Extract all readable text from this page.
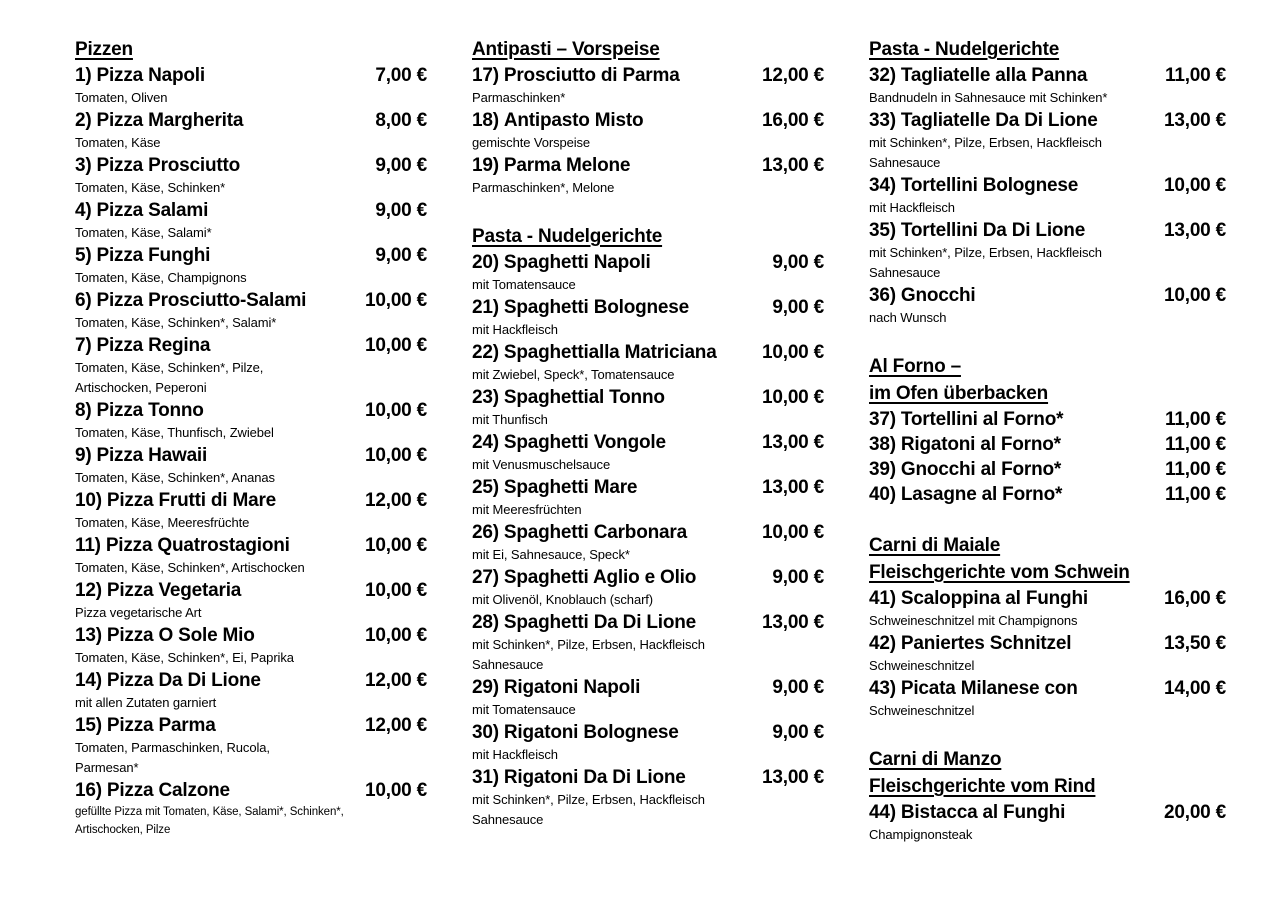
Pizzen
1) Pizza Napoli	7,00 €
Tomaten, Oliven
2) Pizza Margherita	8,00 €
Tomaten, Käse
3) Pizza Prosciutto	9,00 €
Tomaten, Käse, Schinken*
4) Pizza Salami	9,00 €
Tomaten, Käse, Salami*
5) Pizza Funghi	9,00 €
Tomaten, Käse, Champignons
6) Pizza Prosciutto-Salami	10,00 €
Tomaten, Käse, Schinken*, Salami*
7) Pizza Regina	10,00 €
Tomaten, Käse, Schinken*, Pilze,
Artischocken, Peperoni
8) Pizza Tonno	10,00 €
Tomaten, Käse, Thunfisch, Zwiebel
9) Pizza Hawaii	10,00 €
Tomaten, Käse, Schinken*, Ananas
10) Pizza Frutti di Mare	12,00 €
Tomaten, Käse, Meeresfrüchte
11) Pizza Quatrostagioni	10,00 €
Tomaten, Käse, Schinken*, Artischocken
12) Pizza Vegetaria	10,00 €
Pizza vegetarische Art
13) Pizza O Sole Mio	10,00 €
Tomaten, Käse, Schinken*, Ei, Paprika
14) Pizza Da Di Lione	12,00 €
mit allen Zutaten garniert
15) Pizza Parma	12,00 €
Tomaten, Parmaschinken, Rucola,
Parmesan*
16) Pizza Calzone	10,00 €
gefüllte Pizza mit Tomaten, Käse, Salami*, Schinken*,
Artischocken, Pilze
Antipasti – Vorspeise
17) Prosciutto di Parma	12,00 €
Parmaschinken*
18) Antipasto Misto	16,00 €
gemischte Vorspeise
19) Parma Melone	13,00 €
Parmaschinken*, Melone
Pasta - Nudelgerichte
20) Spaghetti Napoli	9,00 €
mit Tomatensauce
21) Spaghetti Bolognese	9,00 €
mit Hackfleisch
22) Spaghettialla Matriciana 10,00 €
mit Zwiebel, Speck*, Tomatensauce
23) Spaghettial Tonno	10,00 €
mit Thunfisch
24) Spaghetti Vongole	13,00 €
mit Venusmuschelsauce
25) Spaghetti Mare	13,00 €
mit Meeresfrüchten
26) Spaghetti Carbonara	10,00 €
mit Ei, Sahnesauce, Speck*
27) Spaghetti Aglio e Olio	9,00 €
mit Olivenöl, Knoblauch (scharf)
28) Spaghetti Da Di Lione	13,00 €
mit Schinken*, Pilze, Erbsen, Hackfleisch
Sahnesauce
29) Rigatoni Napoli	9,00 €
mit Tomatensauce
30) Rigatoni Bolognese	9,00 €
mit Hackfleisch
31) Rigatoni Da Di Lione	13,00 €
mit Schinken*, Pilze, Erbsen, Hackfleisch
Sahnesauce
Pasta - Nudelgerichte
32) Tagliatelle alla Panna	11,00 €
Bandnudeln in Sahnesauce mit Schinken*
33) Tagliatelle Da Di Lione	13,00 €
mit Schinken*, Pilze, Erbsen, Hackfleisch
Sahnesauce
34) Tortellini Bolognese	10,00 €
mit Hackfleisch
35) Tortellini Da Di Lione	13,00 €
mit Schinken*, Pilze, Erbsen, Hackfleisch
Sahnesauce
36) Gnocchi	10,00 €
nach Wunsch
Al Forno –
im Ofen überbacken
37) Tortellini al Forno*	11,00 €
38) Rigatoni al Forno*	11,00 €
39) Gnocchi al Forno*	11,00 €
40) Lasagne al Forno*	11,00 €
Carni di Maiale
Fleischgerichte vom Schwein
41) Scaloppina al Funghi	16,00 €
Schweineschnitzel mit Champignons
42) Paniertes Schnitzel	13,50 €
Schweineschnitzel
43) Picata Milanese con	14,00 €
Schweineschnitzel
Carni di Manzo
Fleischgerichte vom Rind
44) Bistacca al Funghi	20,00 €
Champignonsteak
